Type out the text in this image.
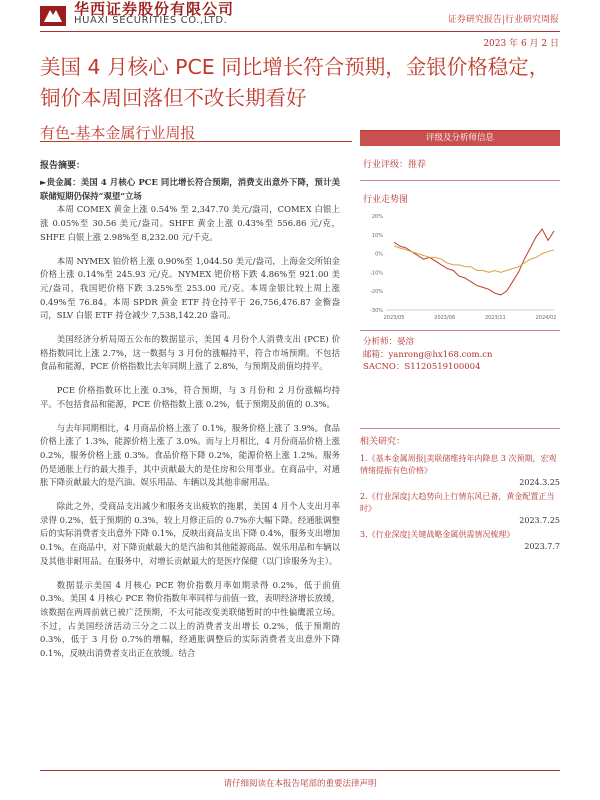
华西证券股份有限公司
HUAXI SECURITIES CO.,LTD.	证券研究报告|行业研究周报
2023 年 6 月 2 日
美国 4 月核心 PCE 同比增长符合预期，金银价格稳定，铜价本周回落但不改长期看好
有色-基本金属行业周报
报告摘要：

►贵金属：美国 4 月核心 PCE 同比增长符合预期，消费支出意外下降，预计美联储短期仍保持“观望”立场

本周 COMEX 黄金上涨 0.54% 至 2,347.70 美元/盎司，COMEX 白银上涨 0.05%至 30.56 美元/盎司。SHFE 黄金上涨 0.43%至 556.86 元/克，SHFE 白银上涨 2.98%至 8,232.00 元/千克。

本周 NYMEX 铂价格上涨 0.90%至 1,044.50 美元/盎司，上海金交所铂金价格上涨 0.14%至 245.93 元/克。NYMEX 钯价格下跌 4.86%至 921.00 美元/盎司，我国钯价格下跌 3.25%至 253.00 元/克。本周金银比较上周上涨 0.49%至 76.84。本周 SPDR 黄金 ETF 持仓持平于 26,756,476.87 金衡盎司，SLV 白银 ETF 持仓减少 7,538,142.20 盎司。

美国经济分析局周五公布的数据显示，美国 4 月份个人消费支出 (PCE) 价格指数同比上涨 2.7%，这一数据与 3 月份的涨幅持平，符合市场预期。不包括食品和能源，PCE 价格指数比去年同期上涨了 2.8%，与预期及前值均持平。

PCE 价格指数环比上涨 0.3%，符合预期，与 3 月份和 2 月份涨幅均持平。不包括食品和能源，PCE 价格指数上涨 0.2%，低于预期及前值的 0.3%。

与去年同期相比，4 月商品价格上涨了 0.1%，服务价格上涨了 3.9%。食品价格上涨了 1.3%，能源价格上涨了 3.0%。而与上月相比，4 月份商品价格上涨 0.2%，服务价格上涨 0.3%。食品价格下降 0.2%，能源价格上涨 1.2%。服务仍是通胀上行的最大推手，其中贡献最大的是住房和公用事业。在商品中，对通胀下降贡献最大的是汽油、娱乐用品、车辆以及其他非耐用品。

除此之外，受商品支出减少和服务支出疲软的拖累，美国 4 月个人支出月率录得 0.2%，低于预期的 0.3%，较上月修正后的 0.7%亦大幅下降。经通胀调整后的实际消费者支出意外下降 0.1%，反映出商品支出下降 0.4%，服务支出增加 0.1%。在商品中，对下降贡献最大的是汽油和其他能源商品、娱乐用品和车辆以及其他非耐用品。在服务中，对增长贡献最大的是医疗保健（以门诊服务为主）。

数据显示美国 4 月核心 PCE 物价指数月率如期录得 0.2%，低于前值 0.3%。美国 4 月核心 PCE 物价指数年率同样与前值一致，表明经济增长放缓，该数据在两周前就已被广泛预期，不太可能改变美联储暂时的中性偏鹰派立场。不过，占美国经济活动三分之二以上的消费者支出增长 0.2%，低于预期的 0.3%，低于 3 月份 0.7%的增幅，经通胀调整后的实际消费者支出意外下降 0.1%，反映出消费者支出正在放缓。结合

评级及分析师信息
行业评级：推荐
行业走势图
20%
10%
0%
-10%
-20%
-30%
2023/05	2023/08	2023/11	2024/02
分析师：晏溶
邮箱：yanrong@hx168.com.cn
SACNO：S1120519100004
相关研究：
1.《基本金属周报|美联储维持年内降息 3 次预期，宏观情绪提振有色价格》
2024.3.25
2.《行业深度|大趋势向上行情东风已备，黄金配置正当时》
2023.7.25
3.《行业深度|关键战略金属供需情况梳理》
2023.7.7
请仔细阅读在本报告尾部的重要法律声明
